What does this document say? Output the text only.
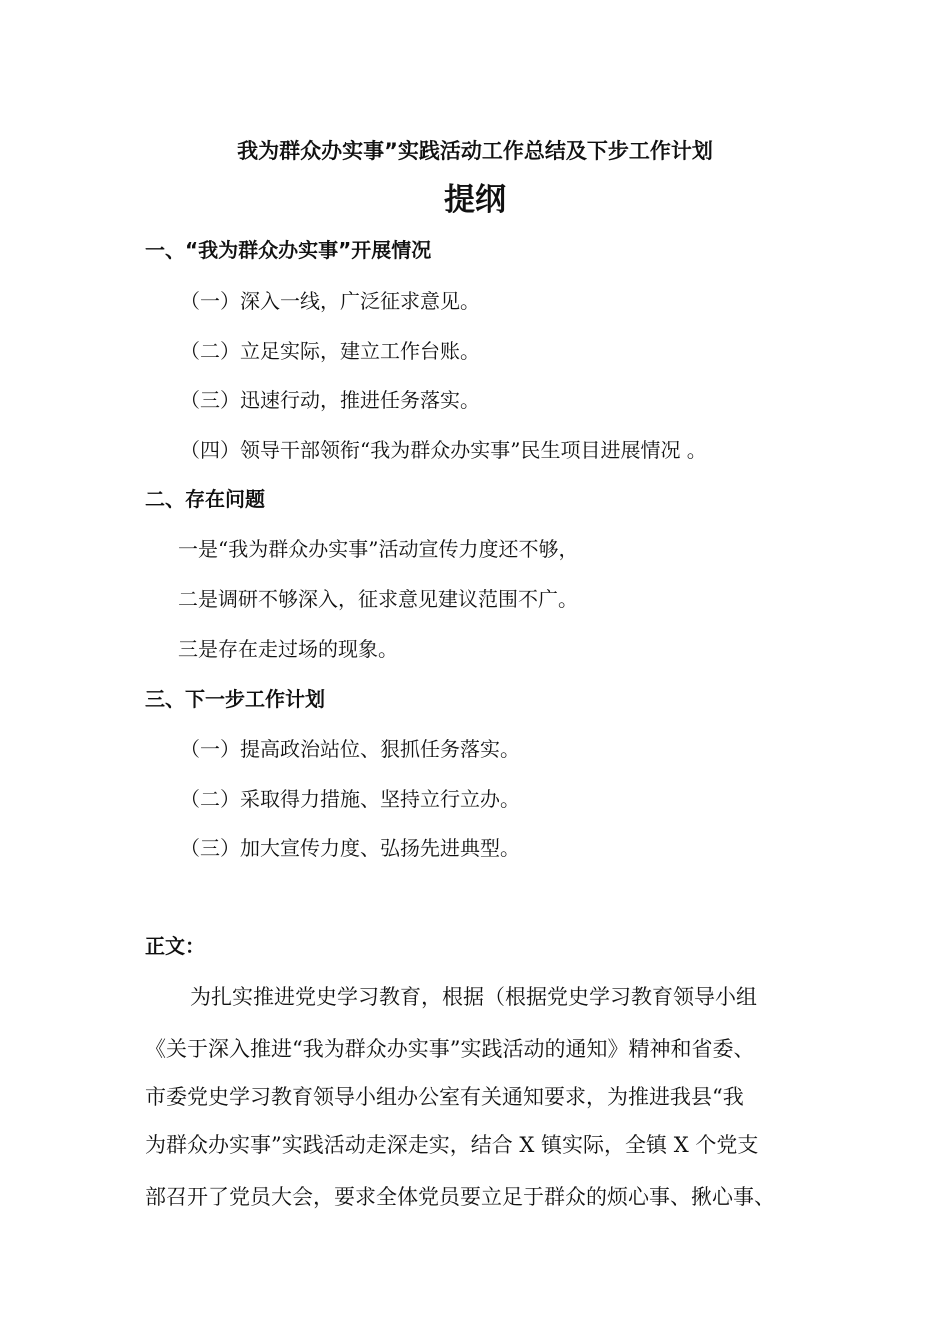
我为群众办实事”实践活动工作总结及下步工作计划
提纲
一、“我为群众办实事”开展情况
（一）深入一线，广泛征求意见。
（二）立足实际，建立工作台账。
（三）迅速行动，推进任务落实。
（四）领导干部领衔“我为群众办实事”民生项目进展情况 。
二、存在问题
一是“我为群众办实事”活动宣传力度还不够，
二是调研不够深入，征求意见建议范围不广。
三是存在走过场的现象。
三、下一步工作计划
（一）提高政治站位、狠抓任务落实。
（二）采取得力措施、坚持立行立办。
（三）加大宣传力度、弘扬先进典型。
正文：
为扎实推进党史学习教育，根据（根据党史学习教育领导小组
《关于深入推进“我为群众办实事”实践活动的通知》精神和省委、
市委党史学习教育领导小组办公室有关通知要求，为推进我县“我
为群众办实事”实践活动走深走实，结合 X 镇实际，全镇 X 个党支
部召开了党员大会，要求全体党员要立足于群众的烦心事、揪心事、
